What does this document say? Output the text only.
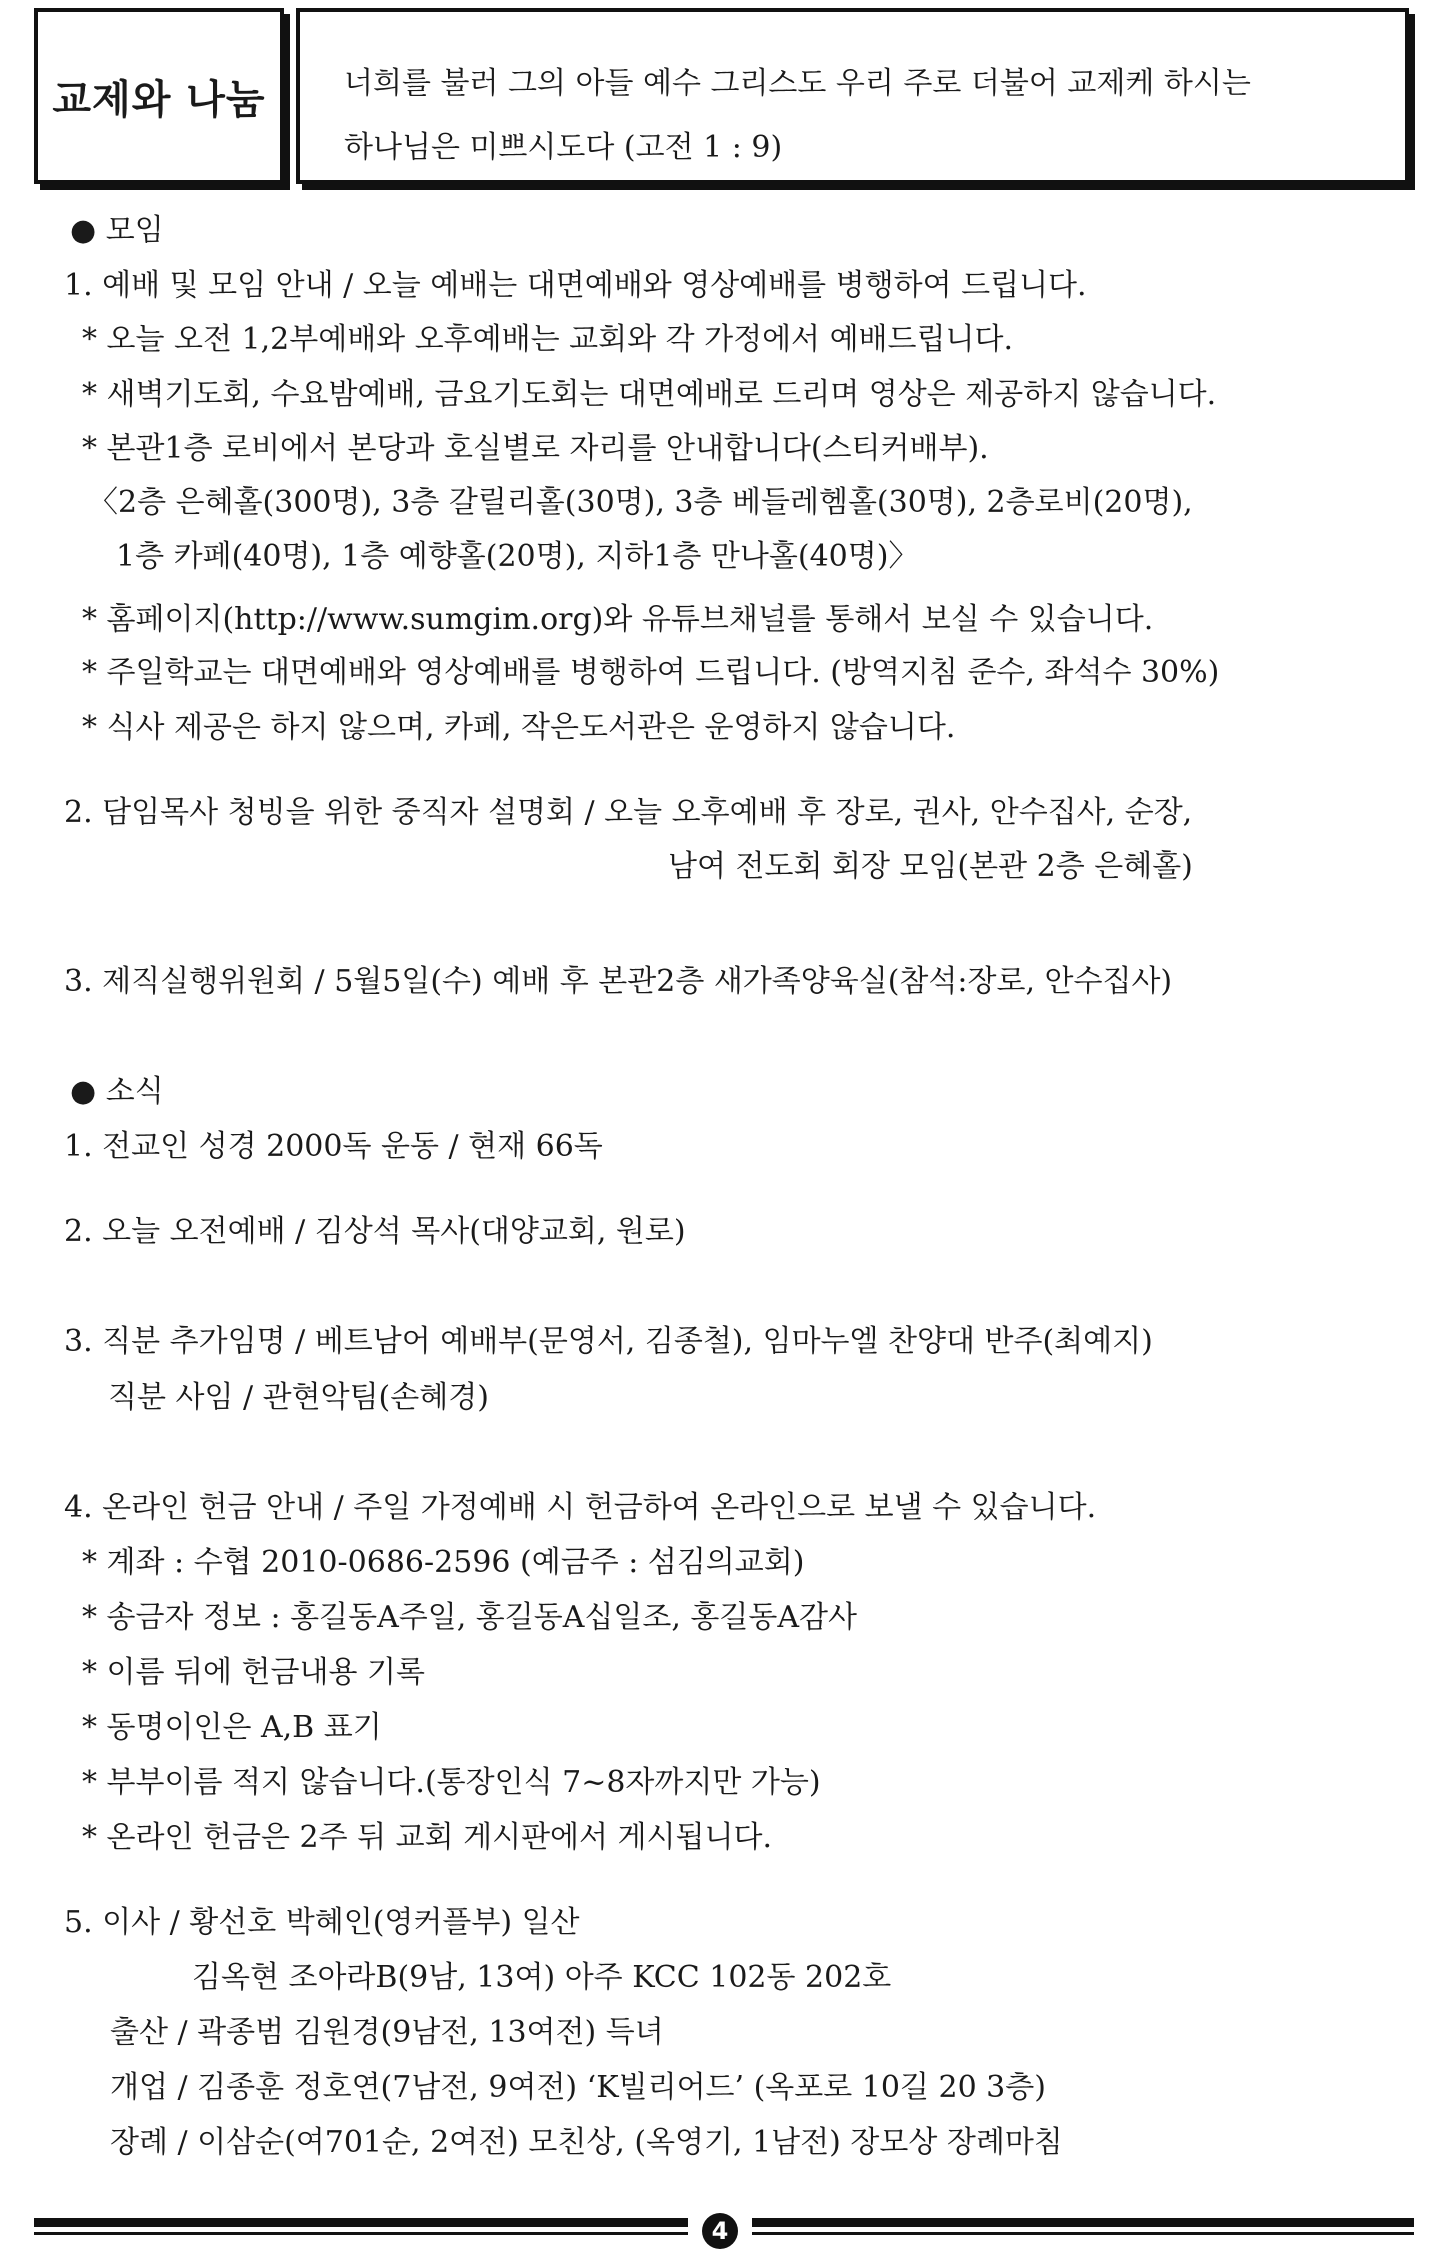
교제와 나눔	너희를 불러 그의 아들 예수 그리스도 우리 주로 더불어 교제케 하시는
하나님은 미쁘시도다 (고전 1 : 9)

● 모임

1. 예배 및 모임 안내 / 오늘 예배는 대면예배와 영상예배를 병행하여 드립니다.

* 오늘 오전 1,2부예배와 오후예배는 교회와 각 가정에서 예배드립니다.

* 새벽기도회, 수요밤예배, 금요기도회는 대면예배로 드리며 영상은 제공하지 않습니다.

* 본관1층 로비에서 본당과 호실별로 자리를 안내합니다(스티커배부).

〈2층 은혜홀(300명), 3층 갈릴리홀(30명), 3층 베들레헴홀(30명), 2층로비(20명),

1층 카페(40명), 1층 예향홀(20명), 지하1층 만나홀(40명)〉

* 홈페이지(http://www.sumgim.org)와 유튜브채널를 통해서 보실 수 있습니다.

* 주일학교는 대면예배와 영상예배를 병행하여 드립니다. (방역지침 준수, 좌석수 30%)

* 식사 제공은 하지 않으며, 카페, 작은도서관은 운영하지 않습니다.

2. 담임목사 청빙을 위한 중직자 설명회 / 오늘 오후예배 후 장로, 권사, 안수집사, 순장,

남여 전도회 회장 모임(본관 2층 은혜홀)

3. 제직실행위원회 / 5월5일(수) 예배 후 본관2층 새가족양육실(참석:장로, 안수집사)

● 소식

1. 전교인 성경 2000독 운동 / 현재 66독

2. 오늘 오전예배 / 김상석 목사(대양교회, 원로)

3. 직분 추가임명 / 베트남어 예배부(문영서, 김종철), 임마누엘 찬양대 반주(최예지)

직분 사임 / 관현악팀(손혜경)

4. 온라인 헌금 안내 / 주일 가정예배 시 헌금하여 온라인으로 보낼 수 있습니다.

* 계좌 : 수협 2010-0686-2596 (예금주 : 섬김의교회)

* 송금자 정보 : 홍길동A주일, 홍길동A십일조, 홍길동A감사

* 이름 뒤에 헌금내용 기록

* 동명이인은 A,B 표기

* 부부이름 적지 않습니다.(통장인식 7~8자까지만 가능)

* 온라인 헌금은 2주 뒤 교회 게시판에서 게시됩니다.

5. 이사 / 황선호 박혜인(영커플부) 일산

김옥현 조아라B(9남, 13여) 아주 KCC 102동 202호

출산 / 곽종범 김원경(9남전, 13여전) 득녀

개업 / 김종훈 정호연(7남전, 9여전) ‘K빌리어드’ (옥포로 10길 20 3층)

장례 / 이삼순(여701순, 2여전) 모친상, (옥영기, 1남전) 장모상 장례마침

4
